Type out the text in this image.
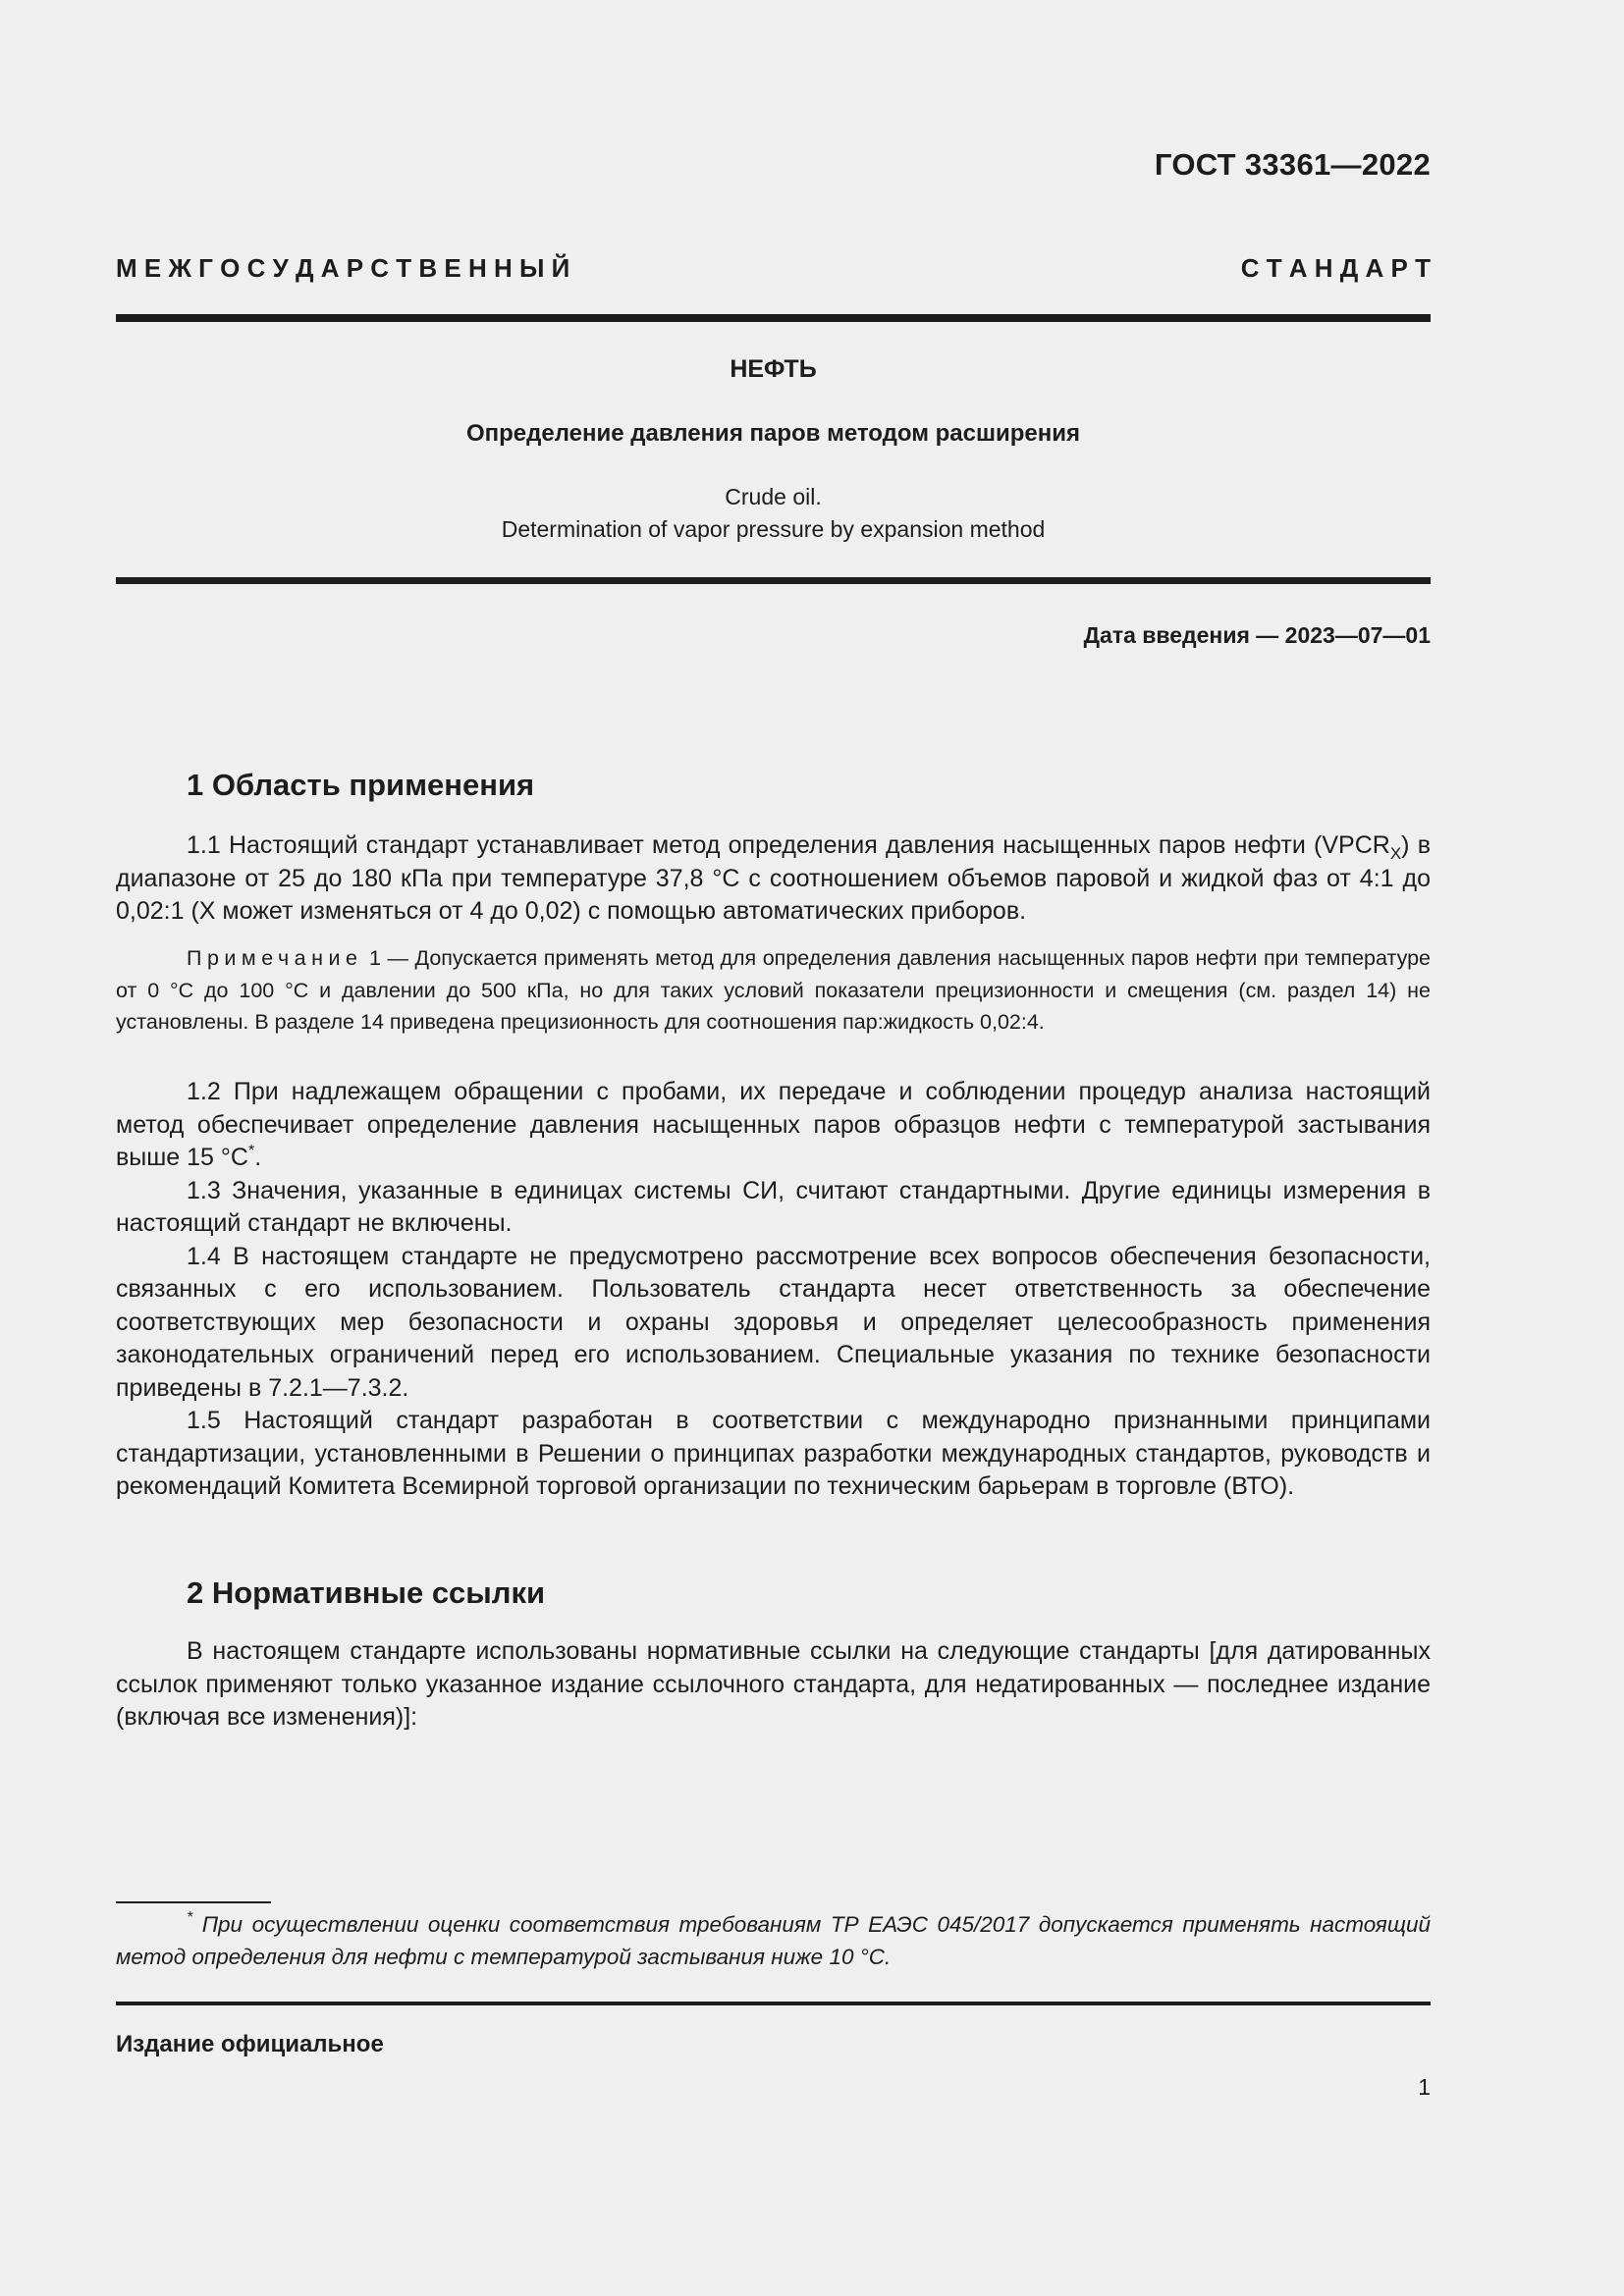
ГОСТ 33361—2022
М Е Ж Г О С У Д А Р С Т В Е Н Н Ы Й	С Т А Н Д А Р Т
НЕФТЬ
Определение давления паров методом расширения
Crude oil.
Determination of vapor pressure by expansion method
Дата введения — 2023—07—01
1 Область применения

1.1 Настоящий стандарт устанавливает метод определения давления насыщенных паров нефти $(VPCR_X)$ в диапазоне от 25 до 180 кПа при температуре 37,8 °С с соотношением объемов паровой и жидкой фаз от 4:1 до 0,02:1 (X может изменяться от 4 до 0,02) с помощью автоматических приборов.

Примечание 1 — Допускается применять метод для определения давления насыщенных паров нефти при температуре от 0 °С до 100 °С и давлении до 500 кПа, но для таких условий показатели прецизионности и смещения (см. раздел 14) не установлены. В разделе 14 приведена прецизионность для соотношения пар:жидкость 0,02:4.

1.2 При надлежащем обращении с пробами, их передаче и соблюдении процедур анализа настоящий метод обеспечивает определение давления насыщенных паров образцов нефти с температурой застывания выше 15 °С*.

1.3 Значения, указанные в единицах системы СИ, считают стандартными. Другие единицы измерения в настоящий стандарт не включены.

1.4 В настоящем стандарте не предусмотрено рассмотрение всех вопросов обеспечения безопасности, связанных с его использованием. Пользователь стандарта несет ответственность за обеспечение соответствующих мер безопасности и охраны здоровья и определяет целесообразность применения законодательных ограничений перед его использованием. Специальные указания по технике безопасности приведены в 7.2.1—7.3.2.

1.5 Настоящий стандарт разработан в соответствии с международно признанными принципами стандартизации, установленными в Решении о принципах разработки международных стандартов, руководств и рекомендаций Комитета Всемирной торговой организации по техническим барьерам в торговле (ВТО).

2 Нормативные ссылки

В настоящем стандарте использованы нормативные ссылки на следующие стандарты [для датированных ссылок применяют только указанное издание ссылочного стандарта, для недатированных — последнее издание (включая все изменения)]:

* При осуществлении оценки соответствия требованиям ТР ЕАЭС 045/2017 допускается применять настоящий метод определения для нефти с температурой застывания ниже 10 °С.

Издание официальное
1
